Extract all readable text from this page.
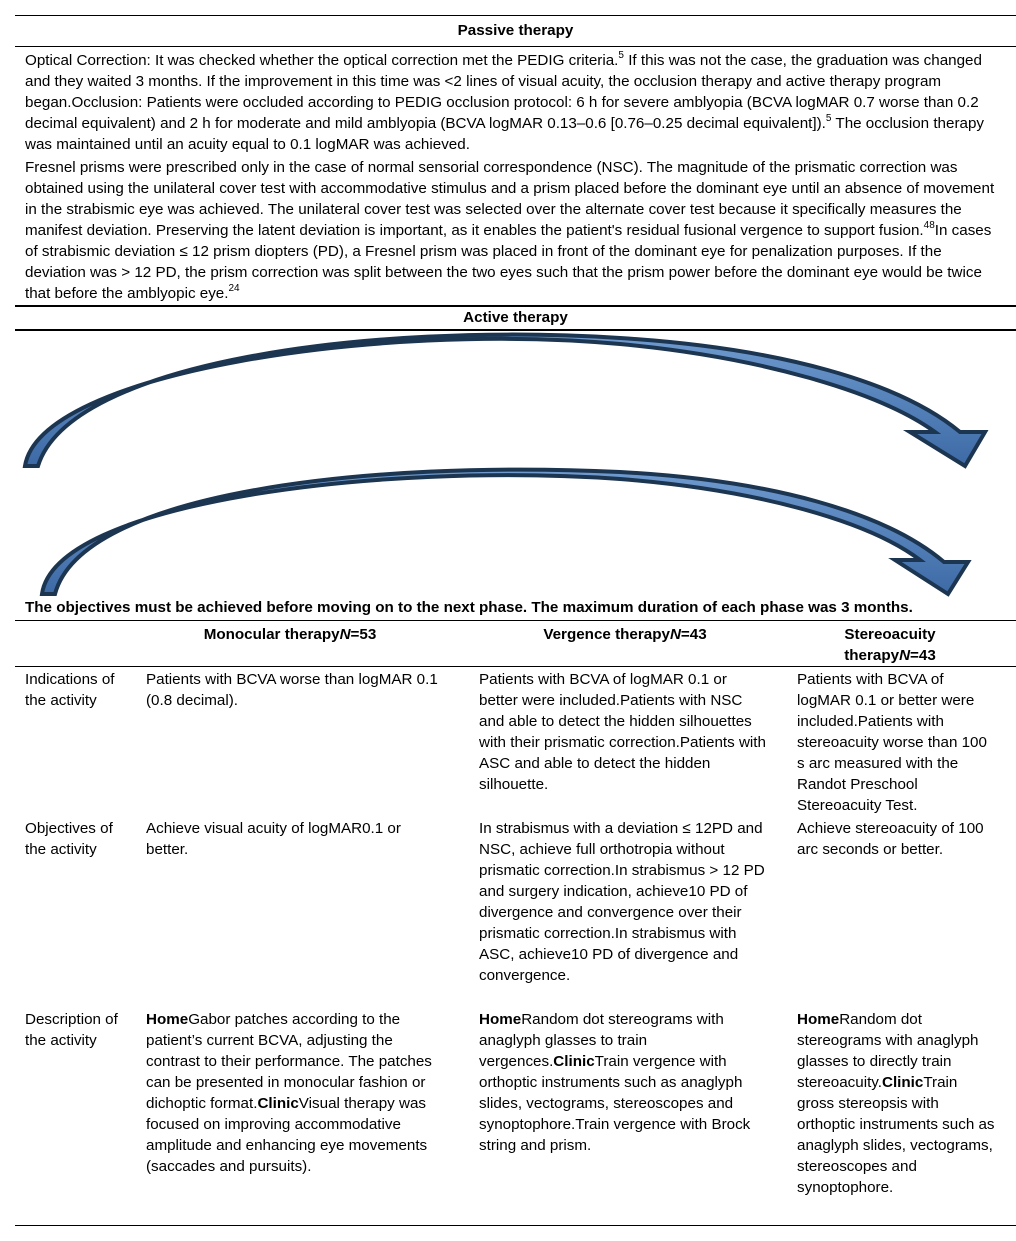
Passive therapy
Optical Correction: It was checked whether the optical correction met the PEDIG criteria.$^5$ If this was not the case, the graduation was changed and they waited 3 months. If the improvement in this time was <2 lines of visual acuity, the occlusion therapy and active therapy program began.Occlusion: Patients were occluded according to PEDIG occlusion protocol: 6 h for severe amblyopia (BCVA logMAR 0.7 worse than 0.2 decimal equivalent) and 2 h for moderate and mild amblyopia (BCVA logMAR 0.13–0.6 [0.76–0.25 decimal equivalent]).$^5$ The occlusion therapy was maintained until an acuity equal to 0.1 logMAR was achieved.
Fresnel prisms were prescribed only in the case of normal sensorial correspondence (NSC). The magnitude of the prismatic correction was obtained using the unilateral cover test with accommodative stimulus and a prism placed before the dominant eye until an absence of movement in the strabismic eye was achieved. The unilateral cover test was selected over the alternate cover test because it specifically measures the manifest deviation. Preserving the latent deviation is important, as it enables the patient's residual fusional vergence to support fusion.$^{48}$In cases of strabismic deviation ≤ 12 prism diopters (PD), a Fresnel prism was placed in front of the dominant eye for penalization purposes. If the deviation was > 12 PD, the prism correction was split between the two eyes such that the prism power before the dominant eye would be twice that before the amblyopic eye.$^{24}$
Active therapy
The objectives must be achieved before moving on to the next phase. The maximum duration of each phase was 3 months.
Monocular therapyN=53	Vergence therapyN=43	Stereoacuity therapyN=43
Indications of the activity
Patients with BCVA worse than logMAR 0.1 (0.8 decimal).
Patients with BCVA of logMAR 0.1 or better were included.Patients with NSC and able to detect the hidden silhouettes with their prismatic correction.Patients with ASC and able to detect the hidden silhouette.
Patients with BCVA of logMAR 0.1 or better were included.Patients with stereoacuity worse than 100 s arc measured with the Randot Preschool Stereoacuity Test.
Objectives of the activity
Achieve visual acuity of logMAR0.1 or better.
In strabismus with a deviation ≤ 12PD and NSC, achieve full orthotropia without prismatic correction.In strabismus > 12 PD and surgery indication, achieve10 PD of divergence and convergence over their prismatic correction.In strabismus with ASC, achieve10 PD of divergence and convergence.
Achieve stereoacuity of 100 arc seconds or better.
Description of the activity
HomeGabor patches according to the patient’s current BCVA, adjusting the contrast to their performance. The patches can be presented in monocular fashion or dichoptic format.ClinicVisual therapy was focused on improving accommodative amplitude and enhancing eye movements (saccades and pursuits).
HomeRandom dot stereograms with anaglyph glasses to train vergences.ClinicTrain vergence with orthoptic instruments such as anaglyph slides, vectograms, stereoscopes and synoptophore.Train vergence with Brock string and prism.
HomeRandom dot stereograms with anaglyph glasses to directly train stereoacuity.ClinicTrain gross stereopsis with orthoptic instruments such as anaglyph slides, vectograms, stereoscopes and synoptophore.
